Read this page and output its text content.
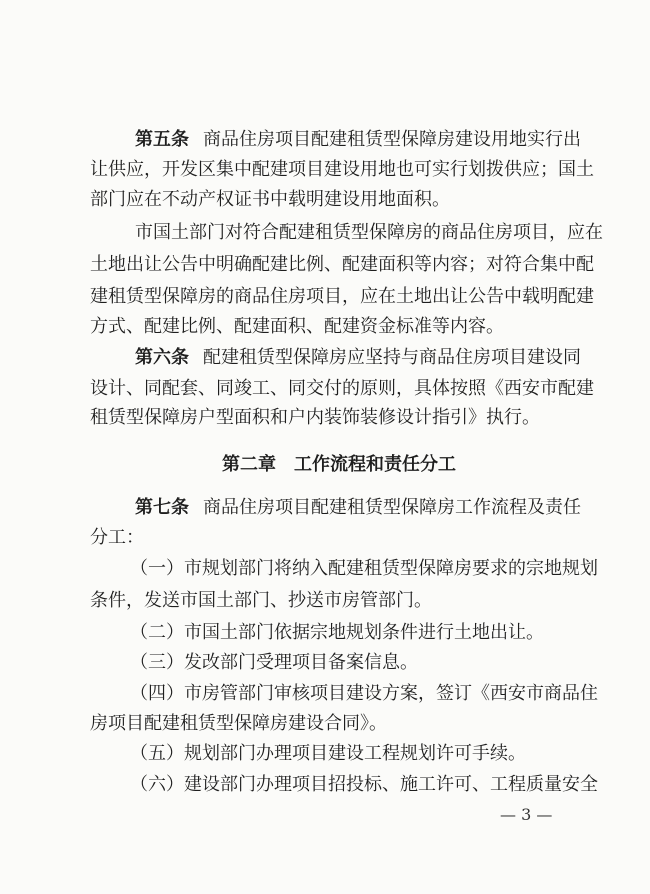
第五条 商品住房项目配建租赁型保障房建设用地实行出
让供应，开发区集中配建项目建设用地也可实行划拨供应；国土
部门应在不动产权证书中载明建设用地面积。
市国土部门对符合配建租赁型保障房的商品住房项目，应在
土地出让公告中明确配建比例、配建面积等内容；对符合集中配
建租赁型保障房的商品住房项目，应在土地出让公告中载明配建
方式、配建比例、配建面积、配建资金标准等内容。
第六条 配建租赁型保障房应坚持与商品住房项目建设同
设计、同配套、同竣工、同交付的原则，具体按照《西安市配建
租赁型保障房户型面积和户内装饰装修设计指引》执行。
第二章　工作流程和责任分工
第七条 商品住房项目配建租赁型保障房工作流程及责任
分工：
（一）市规划部门将纳入配建租赁型保障房要求的宗地规划
条件，发送市国土部门、抄送市房管部门。
（二）市国土部门依据宗地规划条件进行土地出让。
（三）发改部门受理项目备案信息。
（四）市房管部门审核项目建设方案，签订《西安市商品住
房项目配建租赁型保障房建设合同》。
（五）规划部门办理项目建设工程规划许可手续。
（六）建设部门办理项目招投标、施工许可、工程质量安全
— 3 —
